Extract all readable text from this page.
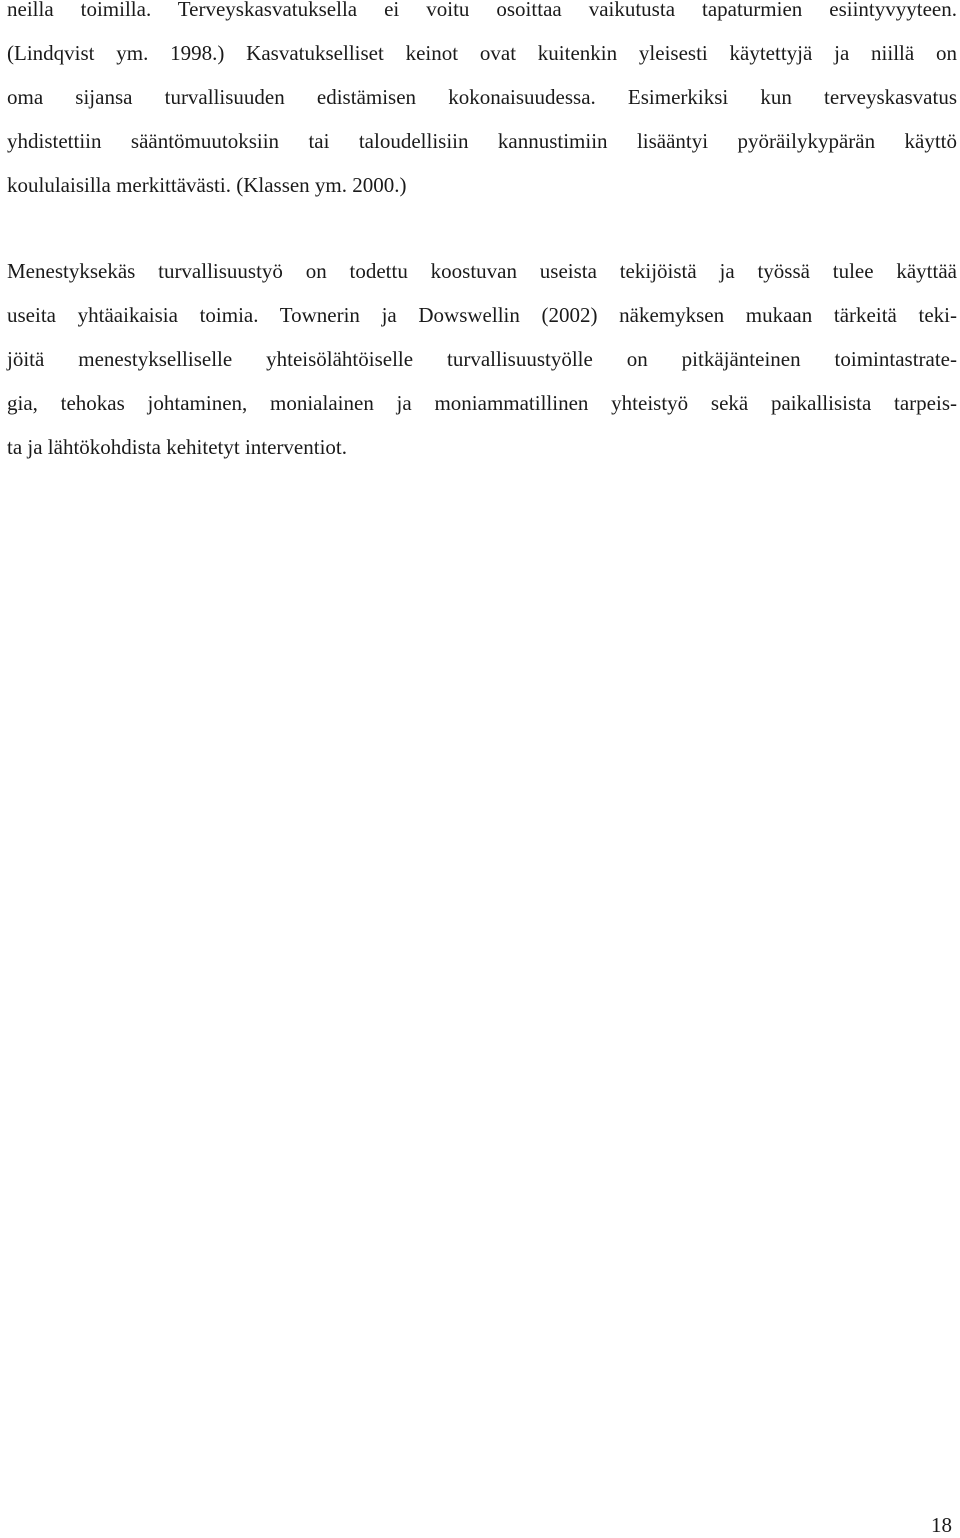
neilla toimilla. Terveyskasvatuksella ei voitu osoittaa vaikutusta tapaturmien esiintyvyyteen.
(Lindqvist ym. 1998.) Kasvatukselliset keinot ovat kuitenkin yleisesti käytettyjä ja niillä on
oma sijansa turvallisuuden edistämisen kokonaisuudessa. Esimerkiksi kun terveyskasvatus
yhdistettiin sääntömuutoksiin tai taloudellisiin kannustimiin lisääntyi pyöräilykypärän käyttö
koululaisilla merkittävästi. (Klassen ym. 2000.)
Menestyksekäs turvallisuustyö on todettu koostuvan useista tekijöistä ja työssä tulee käyttää
useita yhtäaikaisia toimia. Townerin ja Dowswellin (2002) näkemyksen mukaan tärkeitä teki-
jöitä menestykselliselle yhteisölähtöiselle turvallisuustyölle on pitkäjänteinen toimintastrate-
gia, tehokas johtaminen, monialainen ja moniammatillinen yhteistyö sekä paikallisista tarpeis-
ta ja lähtökohdista kehitetyt interventiot.
18
